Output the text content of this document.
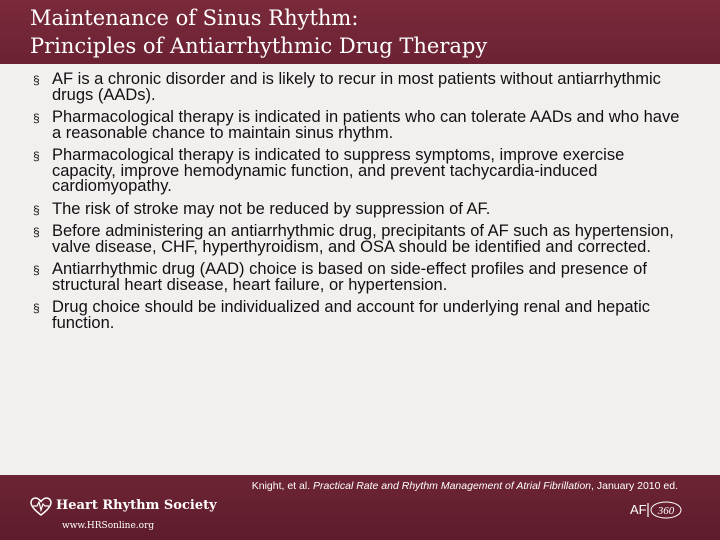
Maintenance of Sinus Rhythm:
Principles of Antiarrhythmic Drug Therapy
§ AF is a chronic disorder and is likely to recur in most patients without antiarrhythmic drugs (AADs).
§ Pharmacological therapy is indicated in patients who can tolerate AADs and who have a reasonable chance to maintain sinus rhythm.
§ Pharmacological therapy is indicated to suppress symptoms, improve exercise capacity, improve hemodynamic function, and prevent tachycardia-induced cardiomyopathy.
§ The risk of stroke may not be reduced by suppression of AF.
§ Before administering an antiarrhythmic drug, precipitants of AF such as hypertension, valve disease, CHF, hyperthyroidism, and OSA should be identified and corrected.
§ Antiarrhythmic drug (AAD) choice is based on side-effect profiles and presence of structural heart disease, heart failure, or hypertension.
§ Drug choice should be individualized and account for underlying renal and hepatic function.

Knight, et al. Practical Rate and Rhythm Management of Atrial Fibrillation, January 2010 ed.

Heart Rhythm Society

www.HRSonline.org

AF 360
